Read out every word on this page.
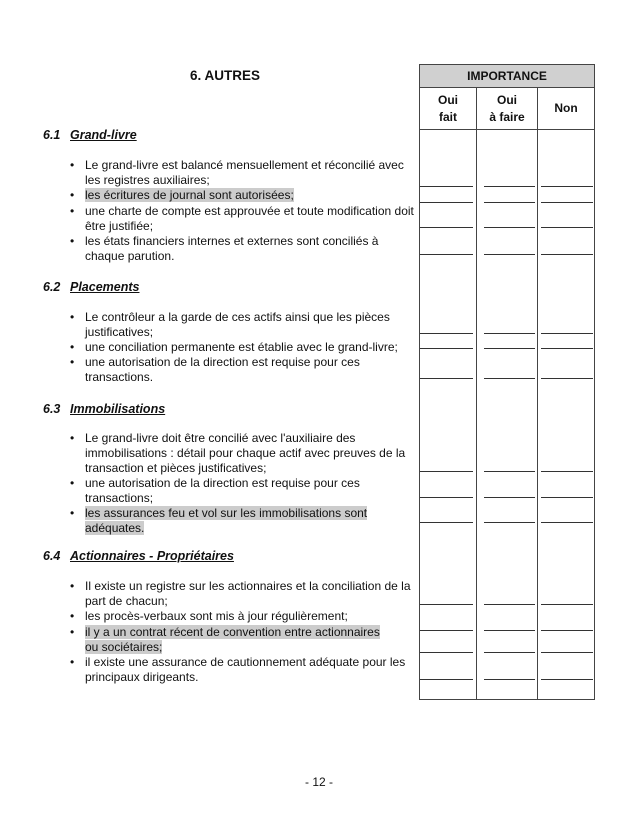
6. AUTRES	IMPORTANCE
Oui
fait
Oui
à faire
Non
6.1 Grand-livre
• Le grand-livre est balancé mensuellement et réconcilié avec les registres auxiliaires;
• les écritures de journal sont autorisées;
• une charte de compte est approuvée et toute modification doit être justifiée;
• les états financiers internes et externes sont conciliés à chaque parution.
6.2 Placements
• Le contrôleur a la garde de ces actifs ainsi que les pièces justificatives;
• une conciliation permanente est établie avec le grand-livre;
• une autorisation de la direction est requise pour ces transactions.
6.3 Immobilisations
• Le grand-livre doit être concilié avec l'auxiliaire des immobilisations : détail pour chaque actif avec preuves de la transaction et pièces justificatives;
• une autorisation de la direction est requise pour ces transactions;
• les assurances feu et vol sur les immobilisations sont adéquates.
6.4 Actionnaires - Propriétaires
• Il existe un registre sur les actionnaires et la conciliation de la part de chacun;
• les procès-verbaux sont mis à jour régulièrement;
• il y a un contrat récent de convention entre actionnaires ou sociétaires;
• il existe une assurance de cautionnement adéquate pour les principaux dirigeants.
- 12 -
